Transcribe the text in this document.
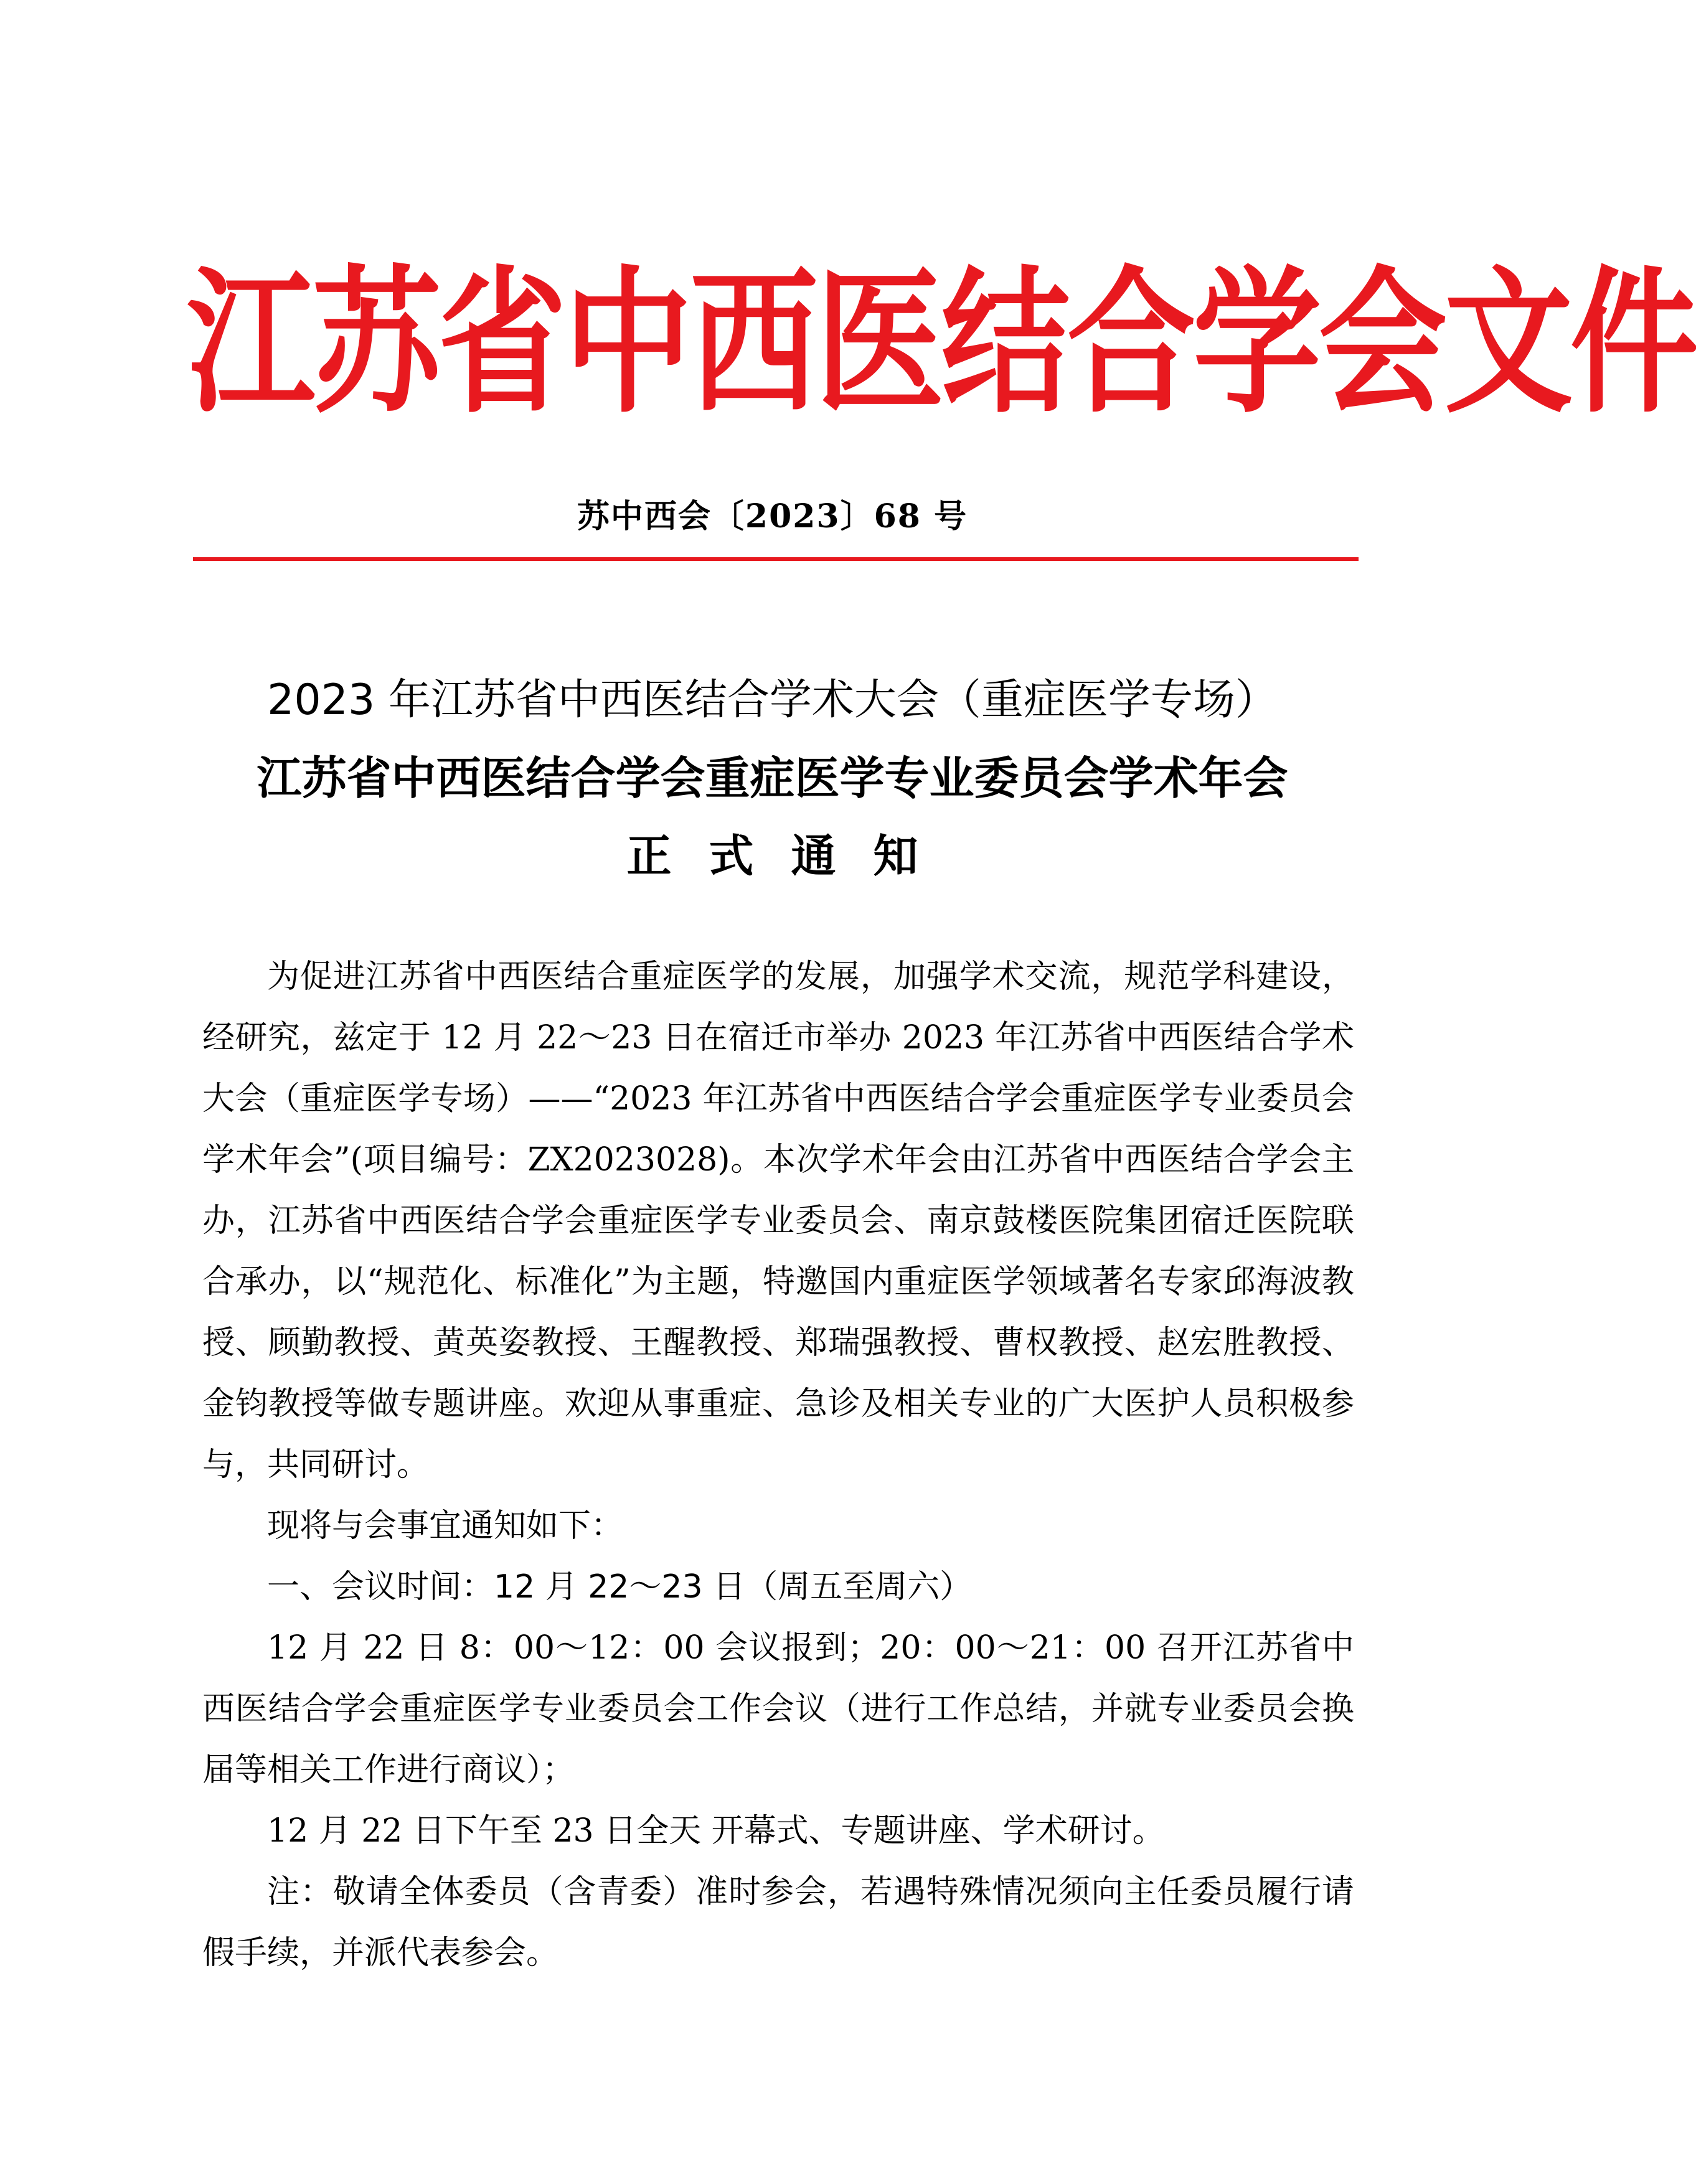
江苏省中西医结合学会文件
苏中西会〔2023〕68 号
2023 年江苏省中西医结合学术大会（重症医学专场）
江苏省中西医结合学会重症医学专业委员会学术年会
正式通知

为促进江苏省中西医结合重症医学的发展，加强学术交流，规范学科建设，经研究，兹定于 12 月 22～23 日在宿迁市举办 2023 年江苏省中西医结合学术大会（重症医学专场）——“2023 年江苏省中西医结合学会重症医学专业委员会学术年会”(项目编号：ZX2023028)。本次学术年会由江苏省中西医结合学会主办，江苏省中西医结合学会重症医学专业委员会、南京鼓楼医院集团宿迁医院联合承办，以“规范化、标准化”为主题，特邀国内重症医学领域著名专家邱海波教授、顾勤教授、黄英姿教授、王醒教授、郑瑞强教授、曹权教授、赵宏胜教授、金钧教授等做专题讲座。欢迎从事重症、急诊及相关专业的广大医护人员积极参与，共同研讨。

现将与会事宜通知如下：

一、会议时间：12 月 22～23 日（周五至周六）

12 月 22 日 8：00～12：00 会议报到；20：00～21：00 召开江苏省中西医结合学会重症医学专业委员会工作会议（进行工作总结，并就专业委员会换届等相关工作进行商议）；

12 月 22 日下午至 23 日全天 开幕式、专题讲座、学术研讨。

注：敬请全体委员（含青委）准时参会，若遇特殊情况须向主任委员履行请假手续，并派代表参会。
